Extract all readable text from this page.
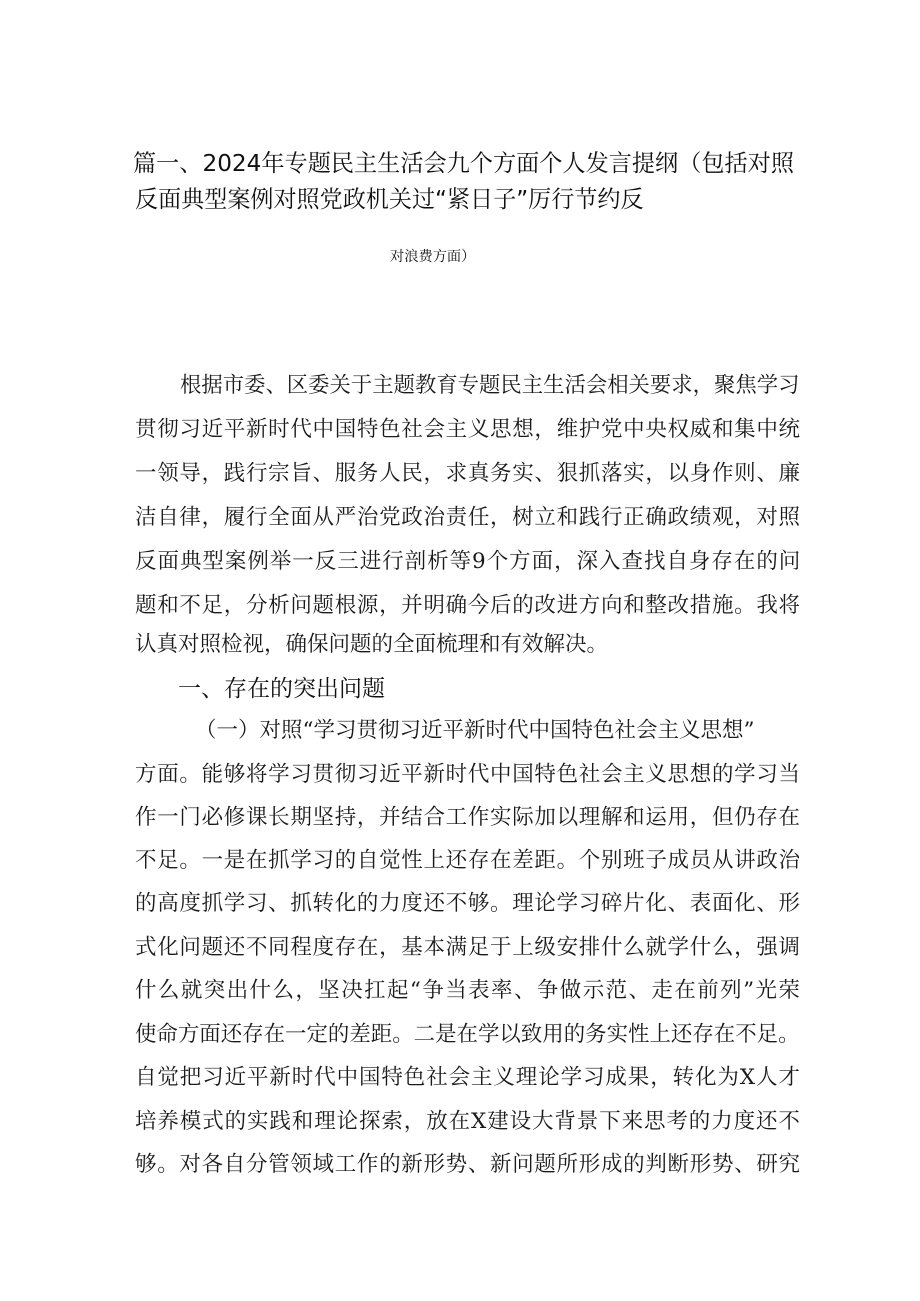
篇一、2024年专题民主生活会九个方面个人发言提纲（包括对照
反面典型案例对照党政机关过“紧日子”厉行节约反
对浪费方面）
根据市委、区委关于主题教育专题民主生活会相关要求，聚焦学习
贯彻习近平新时代中国特色社会主义思想，维护党中央权威和集中统
一领导，践行宗旨、服务人民，求真务实、狠抓落实，以身作则、廉
洁自律，履行全面从严治党政治责任，树立和践行正确政绩观，对照
反面典型案例举一反三进行剖析等9个方面，深入查找自身存在的问
题和不足，分析问题根源，并明确今后的改进方向和整改措施。我将
认真对照检视，确保问题的全面梳理和有效解决。
一、存在的突出问题
（一）对照“学习贯彻习近平新时代中国特色社会主义思想”
方面。能够将学习贯彻习近平新时代中国特色社会主义思想的学习当
作一门必修课长期坚持，并结合工作实际加以理解和运用，但仍存在
不足。一是在抓学习的自觉性上还存在差距。个别班子成员从讲政治
的高度抓学习、抓转化的力度还不够。理论学习碎片化、表面化、形
式化问题还不同程度存在，基本满足于上级安排什么就学什么，强调
什么就突出什么，坚决扛起“争当表率、争做示范、走在前列”光荣
使命方面还存在一定的差距。二是在学以致用的务实性上还存在不足。
自觉把习近平新时代中国特色社会主义理论学习成果，转化为X人才
培养模式的实践和理论探索，放在X建设大背景下来思考的力度还不
够。对各自分管领域工作的新形势、新问题所形成的判断形势、研究
